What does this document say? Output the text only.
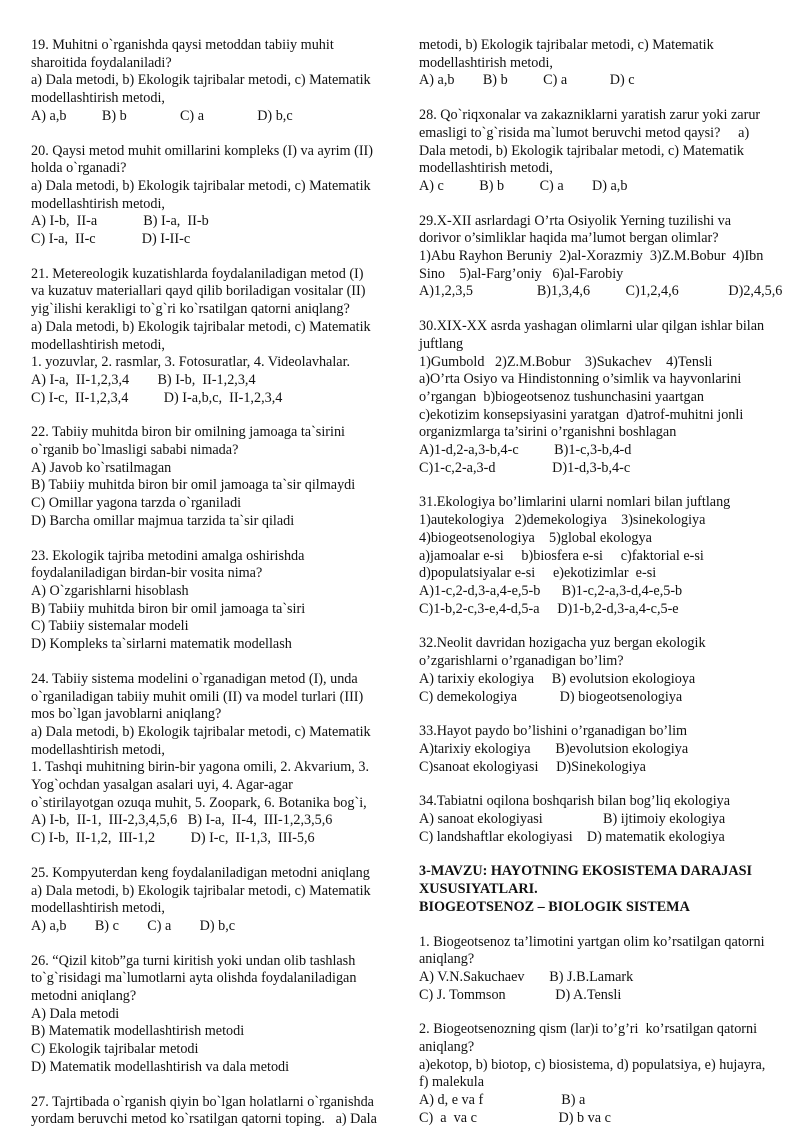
19. Muhitni o`rganishda qaysi metoddan tabiiy muhit
sharoitida foydalaniladi?
a) Dala metodi, b) Ekologik tajribalar metodi, c) Matematik
modellashtirish metodi,
A) a,b          B) b               C) a               D) b,c
20. Qaysi metod muhit omillarini kompleks (I) va ayrim (II)
holda o`rganadi?
a) Dala metodi, b) Ekologik tajribalar metodi, c) Matematik
modellashtirish metodi,
A) I-b,  II-a             B) I-a,  II-b
C) I-a,  II-c             D) I-II-c
21. Metereologik kuzatishlarda foydalaniladigan metod (I)
va kuzatuv materiallari qayd qilib boriladigan vositalar (II)
yig`ilishi kerakligi to`g`ri ko`rsatilgan qatorni aniqlang?
a) Dala metodi, b) Ekologik tajribalar metodi, c) Matematik
modellashtirish metodi,
1. yozuvlar, 2. rasmlar, 3. Fotosuratlar, 4. Videolavhalar.
A) I-a,  II-1,2,3,4        B) I-b,  II-1,2,3,4
C) I-c,  II-1,2,3,4          D) I-a,b,c,  II-1,2,3,4
22. Tabiiy muhitda biron bir omilning jamoaga ta`sirini
o`rganib bo`lmasligi sababi nimada?
A) Javob ko`rsatilmagan
B) Tabiiy muhitda biron bir omil jamoaga ta`sir qilmaydi
C) Omillar yagona tarzda o`rganiladi
D) Barcha omillar majmua tarzida ta`sir qiladi
23. Ekologik tajriba metodini amalga oshirishda
foydalaniladigan birdan-bir vosita nima?
A) O`zgarishlarni hisoblash
B) Tabiiy muhitda biron bir omil jamoaga ta`siri
C) Tabiiy sistemalar modeli
D) Kompleks ta`sirlarni matematik modellash
24. Tabiiy sistema modelini o`rganadigan metod (I), unda
o`rganiladigan tabiiy muhit omili (II) va model turlari (III)
mos bo`lgan javoblarni aniqlang?
a) Dala metodi, b) Ekologik tajribalar metodi, c) Matematik
modellashtirish metodi,
1. Tashqi muhitning birin-bir yagona omili, 2. Akvarium, 3.
Yog`ochdan yasalgan asalari uyi, 4. Agar-agar
o`stirilayotgan ozuqa muhit, 5. Zoopark, 6. Botanika bog`i,
A) I-b,  II-1,  III-2,3,4,5,6   B) I-a,  II-4,  III-1,2,3,5,6
C) I-b,  II-1,2,  III-1,2          D) I-c,  II-1,3,  III-5,6
25. Kompyuterdan keng foydalaniladigan metodni aniqlang
a) Dala metodi, b) Ekologik tajribalar metodi, c) Matematik
modellashtirish metodi,
A) a,b        B) c        C) a        D) b,c
26. “Qizil kitob”ga turni kiritish yoki undan olib tashlash
to`g`risidagi ma`lumotlarni ayta olishda foydalaniladigan
metodni aniqlang?
A) Dala metodi
B) Matematik modellashtirish metodi
C) Ekologik tajribalar metodi
D) Matematik modellashtirish va dala metodi
27. Tajrtibada o`rganish qiyin bo`lgan holatlarni o`rganishda
yordam beruvchi metod ko`rsatilgan qatorni toping.   a) Dala
metodi, b) Ekologik tajribalar metodi, c) Matematik
modellashtirish metodi,
A) a,b        B) b          C) a            D) c
28. Qo`riqxonalar va zakazniklarni yaratish zarur yoki zarur
emasligi to`g`risida ma`lumot beruvchi metod qaysi?     a)
Dala metodi, b) Ekologik tajribalar metodi, c) Matematik
modellashtirish metodi,
A) c          B) b          C) a        D) a,b
29.X-XII asrlardagi O’rta Osiyolik Yerning tuzilishi va
dorivor o’simliklar haqida ma’lumot bergan olimlar?
1)Abu Rayhon Beruniy  2)al-Xorazmiy  3)Z.M.Bobur  4)Ibn
Sino    5)al-Farg’oniy   6)al-Farobiy
A)1,2,3,5                  B)1,3,4,6          C)1,2,4,6              D)2,4,5,6
30.XIX-XX asrda yashagan olimlarni ular qilgan ishlar bilan
juftlang
1)Gumbold   2)Z.M.Bobur    3)Sukachev    4)Tensli
a)O’rta Osiyo va Hindistonning o’simlik va hayvonlarini
o’rgangan  b)biogeotsenoz tushunchasini yaartgan
c)ekotizim konsepsiyasini yaratgan  d)atrof-muhitni jonli
organizmlarga ta’sirini o’rganishni boshlagan
A)1-d,2-a,3-b,4-c          B)1-c,3-b,4-d
C)1-c,2-a,3-d                D)1-d,3-b,4-c
31.Ekologiya bo’limlarini ularni nomlari bilan juftlang
1)autekologiya   2)demekologiya    3)sinekologiya
4)biogeotsenologiya    5)global ekologya
a)jamoalar e-si     b)biosfera e-si     c)faktorial e-si
d)populatsiyalar e-si     e)ekotizimlar  e-si
A)1-c,2-d,3-a,4-e,5-b      B)1-c,2-a,3-d,4-e,5-b
C)1-b,2-c,3-e,4-d,5-a     D)1-b,2-d,3-a,4-c,5-e
32.Neolit davridan hozigacha yuz bergan ekologik
o’zgarishlarni o’rganadigan bo’lim?
A) tarixiy ekologiya     B) evolutsion ekologioya
C) demekologiya            D) biogeotsenologiya
33.Hayot paydo bo’lishini o’rganadigan bo’lim
A)tarixiy ekologiya       B)evolutsion ekologiya
C)sanoat ekologiyasi     D)Sinekologiya
34.Tabiatni oqilona boshqarish bilan bog’liq ekologiya
A) sanoat ekologiyasi                 B) ijtimoiy ekologiya
C) landshaftlar ekologiyasi    D) matematik ekologiya
3-MAVZU: HAYOTNING EKOSISTEMA DARAJASI
XUSUSIYATLARI.
BIOGEOTSENOZ – BIOLOGIK SISTEMA
1. Biogeotsenoz ta’limotini yartgan olim ko’rsatilgan qatorni
aniqlang?
A) V.N.Sakuchaev       B) J.B.Lamark
C) J. Tommson              D) A.Tensli
2. Biogeotsenozning qism (lar)i to’g’ri  ko’rsatilgan qatorni
aniqlang?
a)ekotop, b) biotop, c) biosistema, d) populatsiya, e) hujayra,
f) malekula
A) d, e va f                      B) a
C)  a  va c                       D) b va c
